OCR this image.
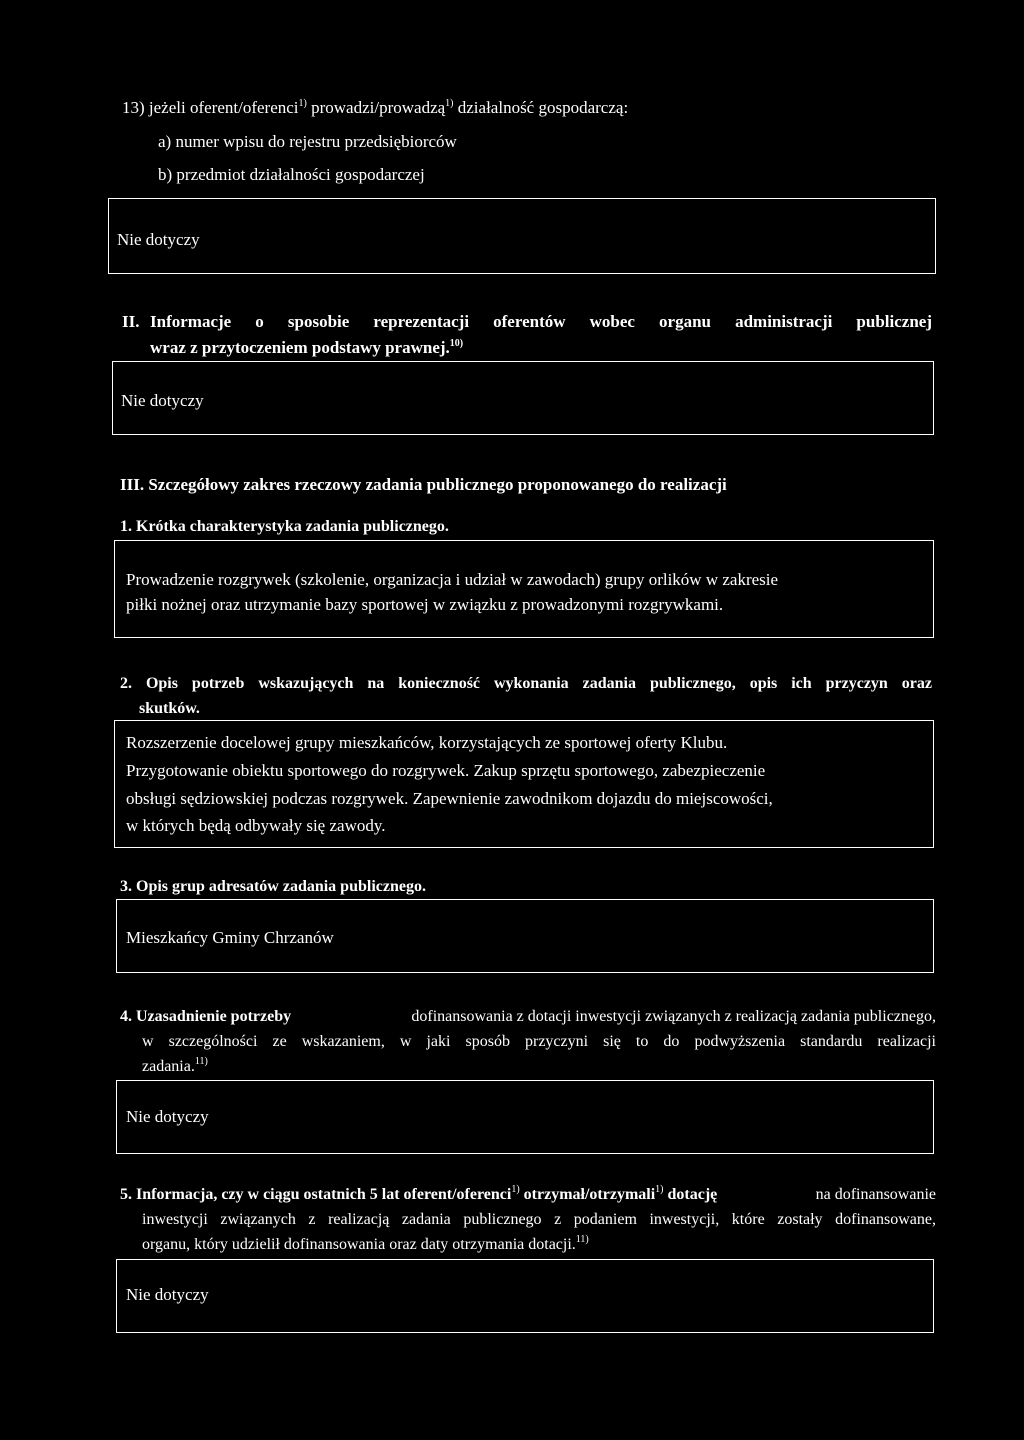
13) jeżeli oferent/oferenci$^{1)}$ prowadzi/prowadzą$^{1)}$ działalność gospodarczą:
a) numer wpisu do rejestru przedsiębiorców
b) przedmiot działalności gospodarczej
Nie dotyczy
II. Informacje o sposobie reprezentacji oferentów wobec organu administracji publicznej
wraz z przytoczeniem podstawy prawnej.$^{10)}$
Nie dotyczy
III. Szczegółowy zakres rzeczowy zadania publicznego proponowanego do realizacji
1. Krótka charakterystyka zadania publicznego.
Prowadzenie rozgrywek (szkolenie, organizacja i udział w zawodach) grupy orlików w zakresie
piłki nożnej oraz utrzymanie bazy sportowej w związku z prowadzonymi rozgrywkami.
2. Opis potrzeb wskazujących na konieczność wykonania zadania publicznego, opis ich przyczyn oraz
skutków.
Rozszerzenie docelowej grupy mieszkańców, korzystających ze sportowej oferty Klubu.
Przygotowanie obiektu sportowego do rozgrywek. Zakup sprzętu sportowego, zabezpieczenie
obsługi sędziowskiej podczas rozgrywek. Zapewnienie zawodnikom dojazdu do miejscowości,
w których będą odbywały się zawody.
3. Opis grup adresatów zadania publicznego.
Mieszkańcy Gminy Chrzanów
4. Uzasadnienie potrzeby	dofinansowania z dotacji inwestycji związanych z realizacją zadania publicznego,
w szczególności ze wskazaniem, w jaki sposób przyczyni się to do podwyższenia standardu realizacji
zadania.$^{11)}$
Nie dotyczy
5. Informacja, czy w ciągu ostatnich 5 lat oferent/oferenci$^{1)}$ otrzymał/otrzymali$^{1)}$ dotację	na dofinansowanie
inwestycji związanych z realizacją zadania publicznego z podaniem inwestycji, które zostały dofinansowane,
organu, który udzielił dofinansowania oraz daty otrzymania dotacji.$^{11)}$
Nie dotyczy
